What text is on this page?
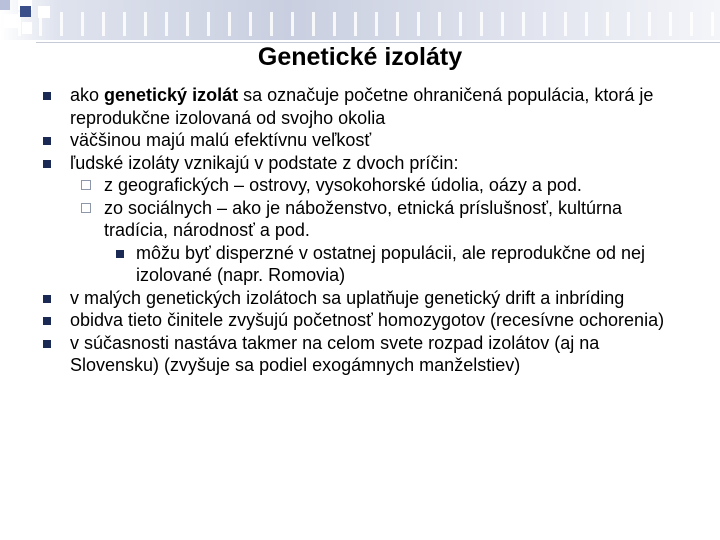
Genetické izoláty
ako genetický izolát sa označuje početne ohraničená populácia, ktorá je reprodukčne izolovaná od svojho okolia
väčšinou majú malú efektívnu veľkosť
ľudské izoláty vznikajú v podstate z dvoch príčin:
z geografických – ostrovy, vysokohorské údolia, oázy a pod.
zo sociálnych – ako je náboženstvo, etnická príslušnosť, kultúrna tradícia, národnosť a pod.
môžu byť disperzné v ostatnej populácii, ale reprodukčne od nej izolované (napr. Romovia)
v malých genetických izolátoch sa uplatňuje genetický drift a inbríding
obidva tieto činitele zvyšujú početnosť homozygotov (recesívne ochorenia)
v súčasnosti nastáva takmer na celom svete rozpad izolátov (aj na Slovensku) (zvyšuje sa podiel exogámnych manželstiev)
